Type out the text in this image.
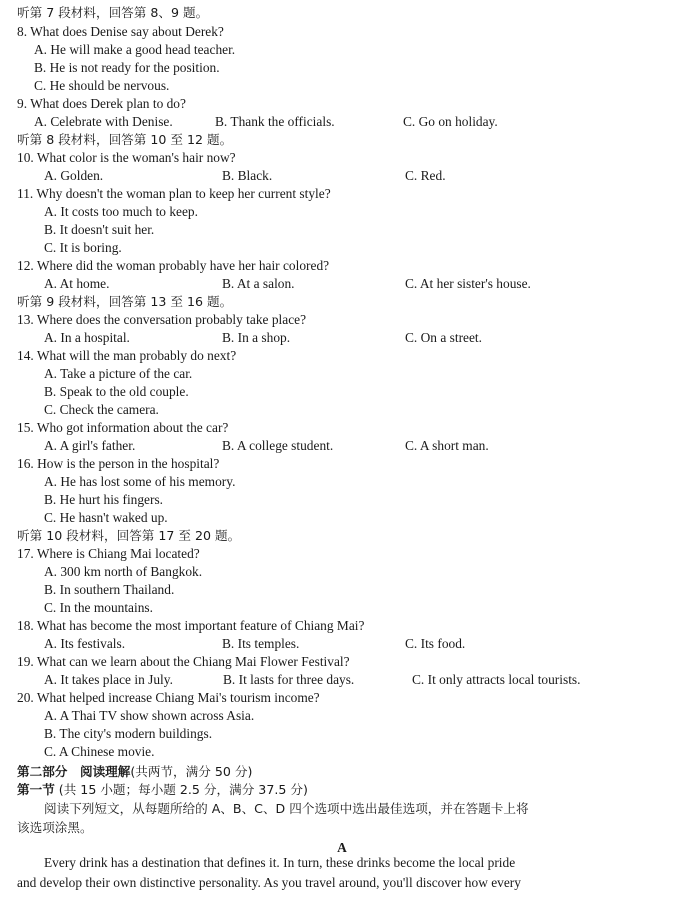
听第 7 段材料，回答第 8、9 题。
8. What does Denise say about Derek?
A. He will make a good head teacher.
B. He is not ready for the position.
C. He should be nervous.
9. What does Derek plan to do?
A. Celebrate with Denise.	B. Thank the officials.	C. Go on holiday.
听第 8 段材料，回答第 10 至 12 题。
10. What color is the woman's hair now?
A. Golden.	B. Black.	C. Red.
11. Why doesn't the woman plan to keep her current style?
A. It costs too much to keep.
B. It doesn't suit her.
C. It is boring.
12. Where did the woman probably have her hair colored?
A. At home.	B. At a salon.	C. At her sister's house.
听第 9 段材料，回答第 13 至 16 题。
13. Where does the conversation probably take place?
A. In a hospital.	B. In a shop.	C. On a street.
14. What will the man probably do next?
A. Take a picture of the car.
B. Speak to the old couple.
C. Check the camera.
15. Who got information about the car?
A. A girl's father.	B. A college student.	C. A short man.
16. How is the person in the hospital?
A. He has lost some of his memory.
B. He hurt his fingers.
C. He hasn't waked up.
听第 10 段材料，回答第 17 至 20 题。
17. Where is Chiang Mai located?
A. 300 km north of Bangkok.
B. In southern Thailand.
C. In the mountains.
18. What has become the most important feature of Chiang Mai?
A. Its festivals.	B. Its temples.	C. Its food.
19. What can we learn about the Chiang Mai Flower Festival?
A. It takes place in July.	B. It lasts for three days.	C. It only attracts local tourists.
20. What helped increase Chiang Mai's tourism income?
A. A Thai TV show shown across Asia.
B. The city's modern buildings.
C. A Chinese movie.
第二部分　阅读理解(共两节，满分 50 分)
第一节 (共 15 小题；每小题 2.5 分，满分 37.5 分)
阅读下列短文，从每题所给的 A、B、C、D 四个选项中选出最佳选项，并在答题卡上将
该选项涂黑。
A
Every drink has a destination that defines it. In turn, these drinks become the local pride
and develop their own distinctive personality. As you travel around, you'll discover how every
